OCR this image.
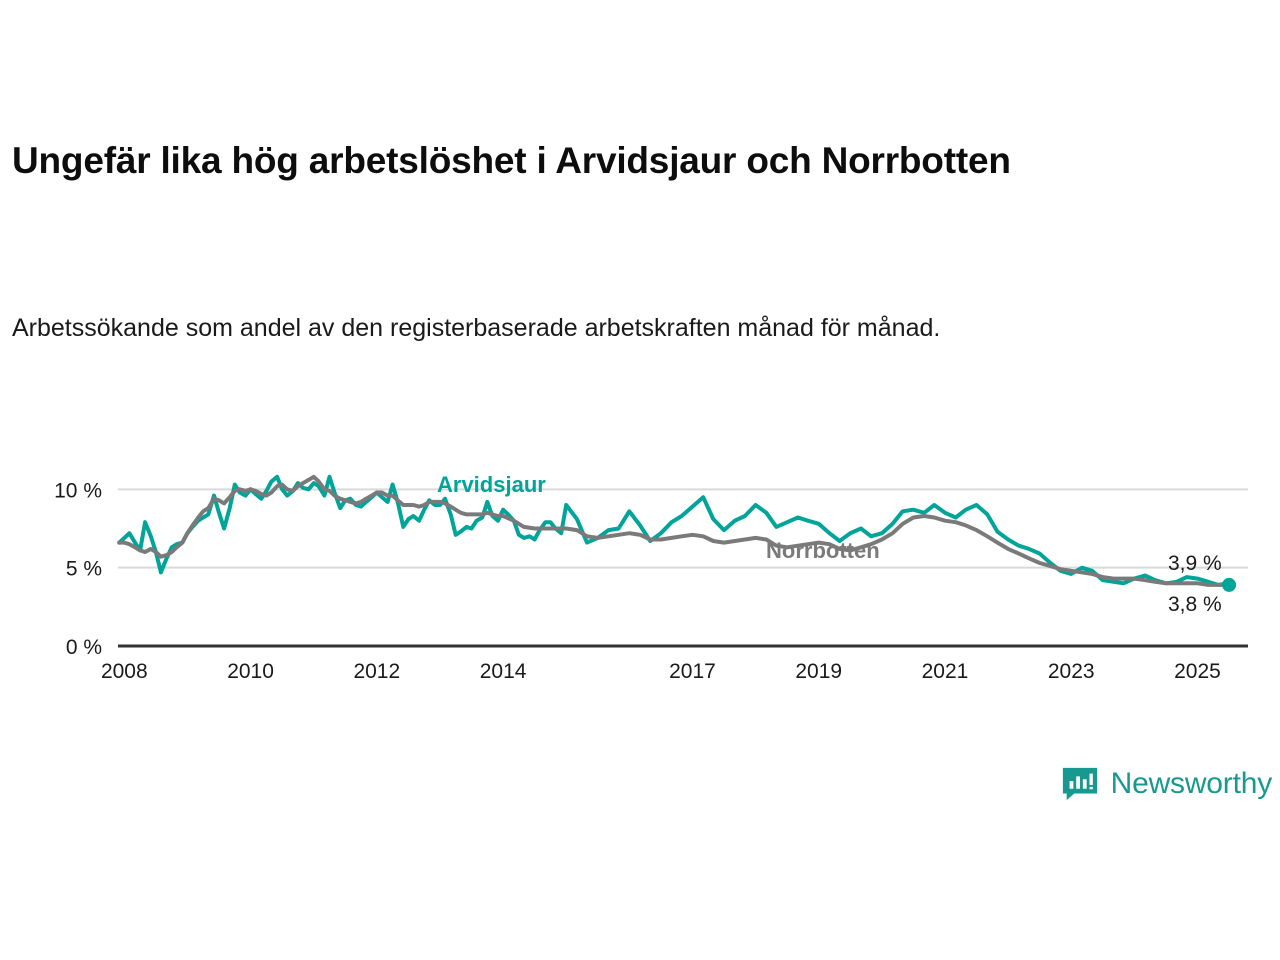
Ungefär lika hög arbetslöshet i Arvidsjaur och Norrbotten
Arbetssökande som andel av den registerbaserade arbetskraften månad för månad.
0 %
5 %
10 %
2008	2010	2012	2014	2017	2019	2021	2023	2025
Arvidsjaur
Norrbotten
3,9 %
3,8 %
Newsworthy
